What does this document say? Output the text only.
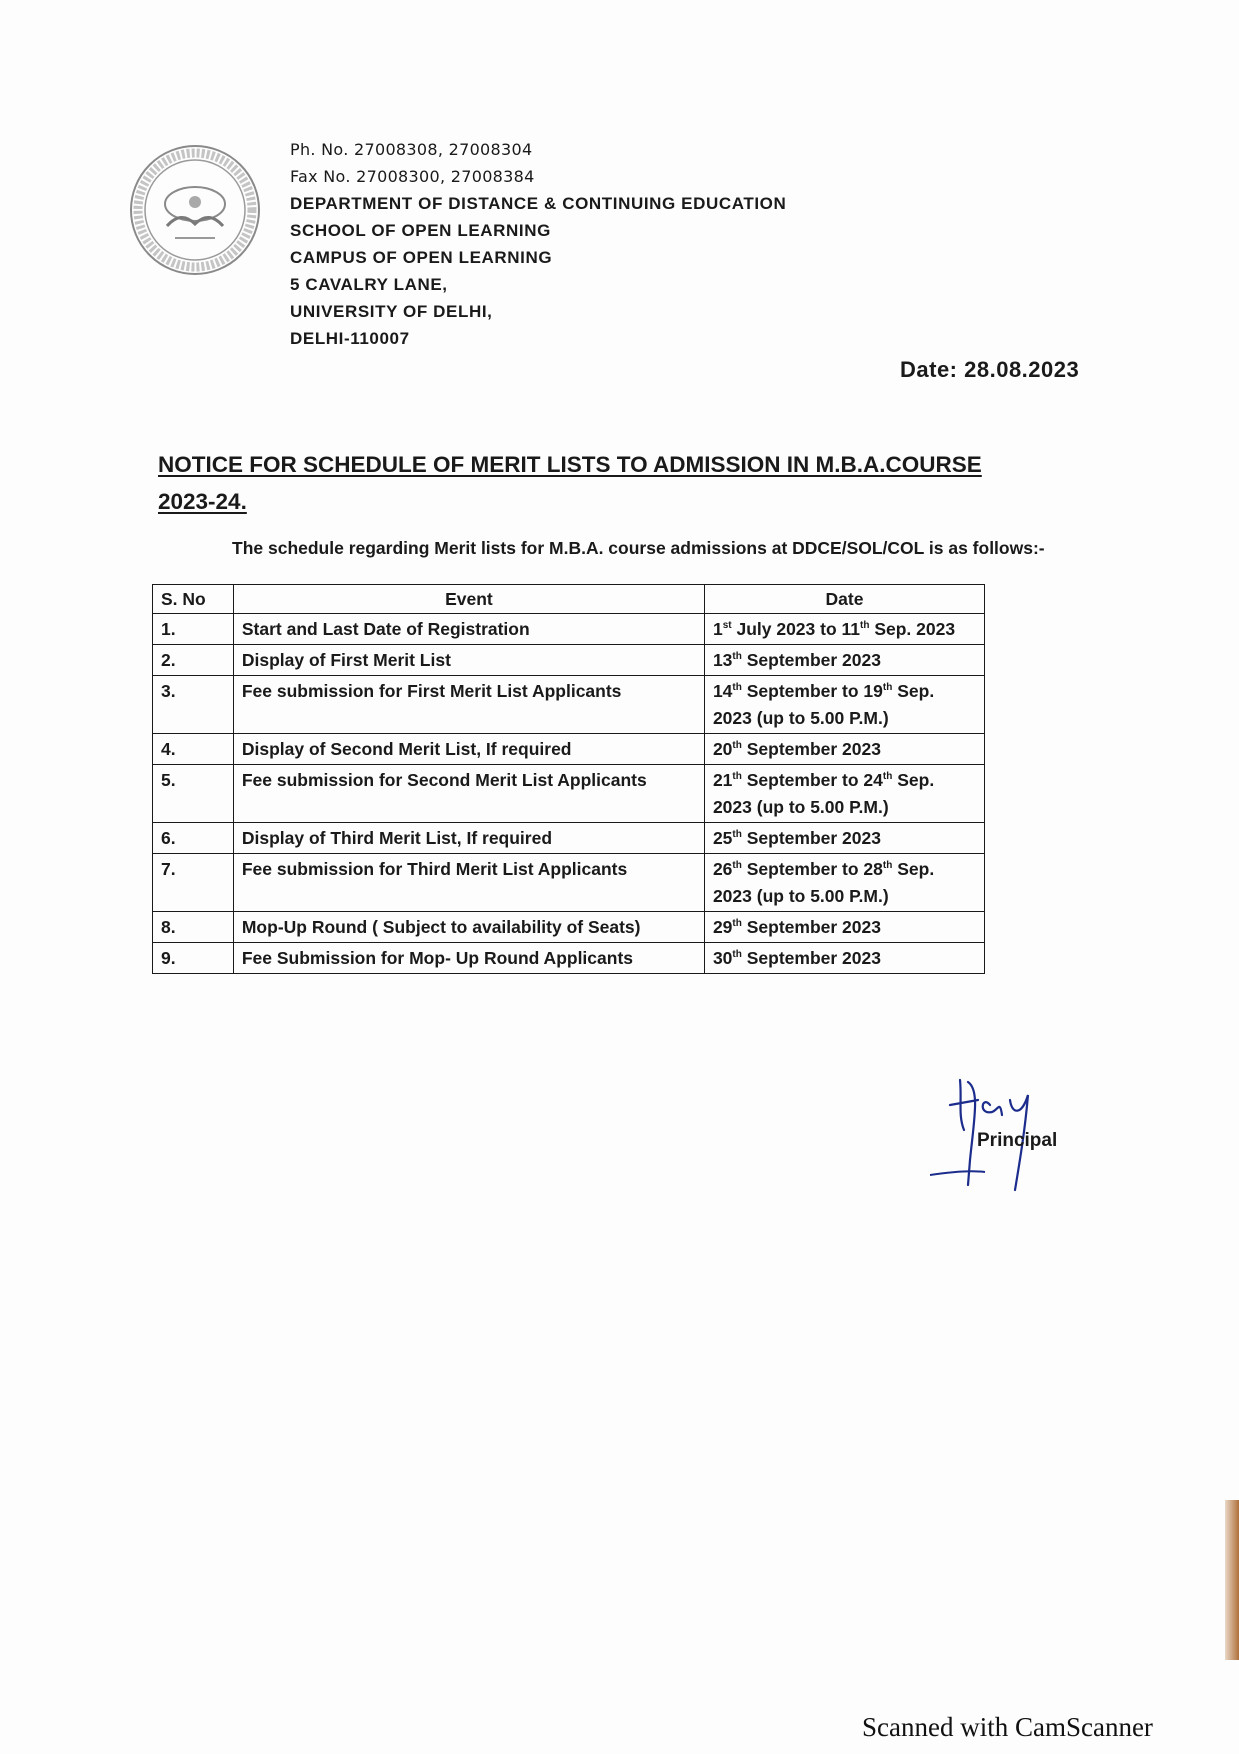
Ph. No. 27008308, 27008304
Fax No. 27008300, 27008384
DEPARTMENT OF DISTANCE & CONTINUING EDUCATION
SCHOOL OF OPEN LEARNING
CAMPUS OF OPEN LEARNING
5 CAVALRY LANE,
UNIVERSITY OF DELHI,
DELHI-110007
Date: 28.08.2023
NOTICE FOR SCHEDULE OF MERIT LISTS TO ADMISSION IN M.B.A.COURSE
2023-24.
The schedule regarding Merit lists for M.B.A. course admissions at DDCE/SOL/COL is as follows:-
S. No	Event	Date
1.	Start and Last Date of Registration	1st July 2023 to 11th Sep. 2023
2.	Display of First Merit List	13th September 2023
3.	Fee submission for First Merit List Applicants	14th September to 19th Sep. 2023 (up to 5.00 P.M.)
4.	Display of Second Merit List, If required	20th September 2023
5.	Fee submission for Second Merit List Applicants	21th September to 24th Sep. 2023 (up to 5.00 P.M.)
6.	Display of Third Merit List, If required	25th September 2023
7.	Fee submission for Third Merit List Applicants	26th September to 28th Sep. 2023 (up to 5.00 P.M.)
8.	Mop-Up Round ( Subject to availability of Seats)	29th September 2023
9.	Fee Submission for Mop- Up Round Applicants	30th September 2023
Principal
Scanned with CamScanner
